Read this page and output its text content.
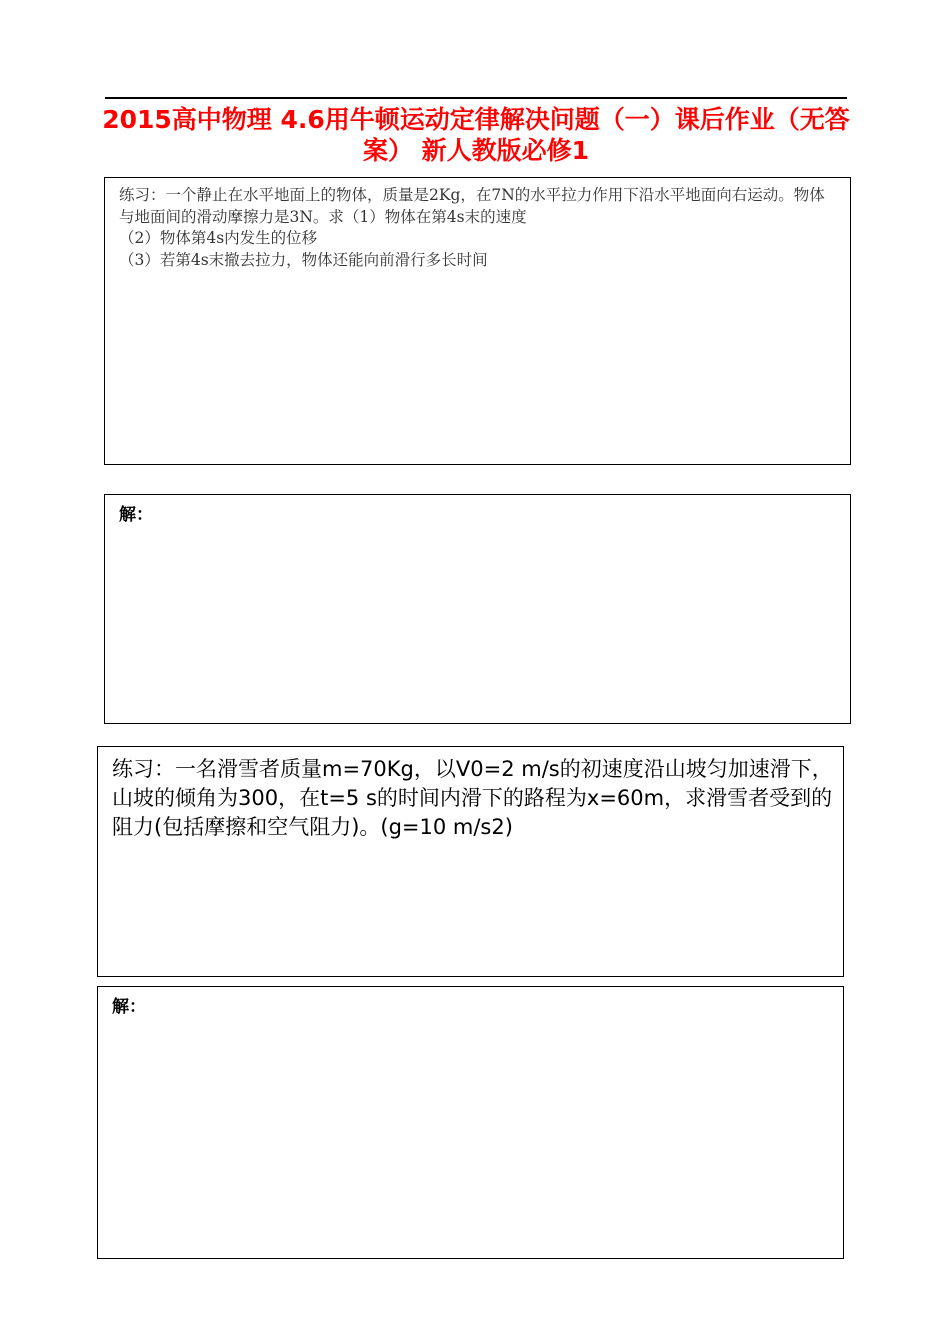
2015高中物理 4.6用牛顿运动定律解决问题（一）课后作业（无答案） 新人教版必修1

练习：一个静止在水平地面上的物体，质量是2Kg，在7N的水平拉力作用下沿水平地面向右运动。物体与地面间的滑动摩擦力是3N。求（1）物体在第4s末的速度

（2）物体第4s内发生的位移

（3）若第4s末撤去拉力，物体还能向前滑行多长时间

解：
练习：一名滑雪者质量m=70Kg，以V0=2 m/s的初速度沿山坡匀加速滑下，山坡的倾角为300，在t=5 s的时间内滑下的路程为x=60m，求滑雪者受到的阻力(包括摩擦和空气阻力)。(g=10 m/s2)
解：
